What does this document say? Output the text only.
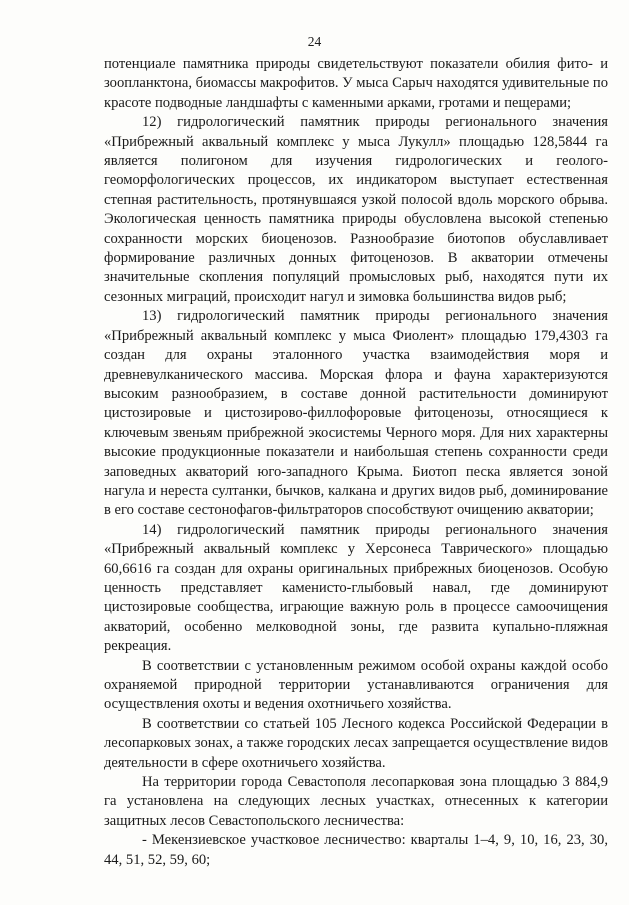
24

потенциале памятника природы свидетельствуют показатели обилия фито- и зоопланктона, биомассы макрофитов. У мыса Сарыч находятся удивительные по красоте подводные ландшафты с каменными арками, гротами и пещерами;

12) гидрологический памятник природы регионального значения «Прибрежный аквальный комплекс у мыса Лукулл» площадью 128,5844 га является полигоном для изучения гидрологических и геолого-геоморфологических процессов, их индикатором выступает естественная степная растительность, протянувшаяся узкой полосой вдоль морского обрыва. Экологическая ценность памятника природы обусловлена высокой степенью сохранности морских биоценозов. Разнообразие биотопов обуславливает формирование различных донных фитоценозов. В акватории отмечены значительные скопления популяций промысловых рыб, находятся пути их сезонных миграций, происходит нагул и зимовка большинства видов рыб;

13) гидрологический памятник природы регионального значения «Прибрежный аквальный комплекс у мыса Фиолент» площадью 179,4303 га создан для охраны эталонного участка взаимодействия моря и древневулканического массива. Морская флора и фауна характеризуются высоким разнообразием, в составе донной растительности доминируют цистозировые и цистозирово-филлофоровые фитоценозы, относящиеся к ключевым звеньям прибрежной экосистемы Черного моря. Для них характерны высокие продукционные показатели и наибольшая степень сохранности среди заповедных акваторий юго-западного Крыма. Биотоп песка является зоной нагула и нереста султанки, бычков, калкана и других видов рыб, доминирование в его составе сестонофагов-фильтраторов способствуют очищению акватории;

14) гидрологический памятник природы регионального значения «Прибрежный аквальный комплекс у Херсонеса Таврического» площадью 60,6616 га создан для охраны оригинальных прибрежных биоценозов. Особую ценность представляет каменисто-глыбовый навал, где доминируют цистозировые сообщества, играющие важную роль в процессе самоочищения акваторий, особенно мелководной зоны, где развита купально-пляжная рекреация.

В соответствии с установленным режимом особой охраны каждой особо охраняемой природной территории устанавливаются ограничения для осуществления охоты и ведения охотничьего хозяйства.

В соответствии со статьей 105 Лесного кодекса Российской Федерации в лесопарковых зонах, а также городских лесах запрещается осуществление видов деятельности в сфере охотничьего хозяйства.

На территории города Севастополя лесопарковая зона площадью 3 884,9 га установлена на следующих лесных участках, отнесенных к категории защитных лесов Севастопольского лесничества:

- Мекензиевское участковое лесничество: кварталы 1–4, 9, 10, 16, 23, 30, 44, 51, 52, 59, 60;
